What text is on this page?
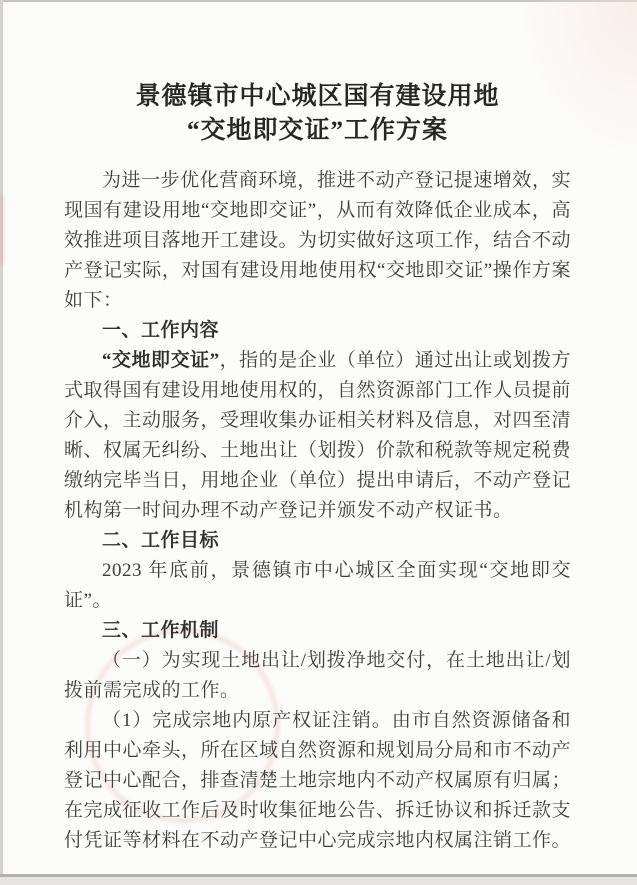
景德镇市中心城区国有建设用地
“交地即交证”工作方案

为进一步优化营商环境，推进不动产登记提速增效，实现国有建设用地“交地即交证”，从而有效降低企业成本，高效推进项目落地开工建设。为切实做好这项工作，结合不动产登记实际，对国有建设用地使用权“交地即交证”操作方案如下：

一、工作内容

“交地即交证”，指的是企业（单位）通过出让或划拨方式取得国有建设用地使用权的，自然资源部门工作人员提前介入，主动服务，受理收集办证相关材料及信息，对四至清晰、权属无纠纷、土地出让（划拨）价款和税款等规定税费缴纳完毕当日，用地企业（单位）提出申请后，不动产登记机构第一时间办理不动产登记并颁发不动产权证书。

二、工作目标

2023 年底前，景德镇市中心城区全面实现“交地即交证”。

三、工作机制

（一）为实现土地出让/划拨净地交付，在土地出让/划拨前需完成的工作。

（1）完成宗地内原产权证注销。由市自然资源储备和利用中心牵头，所在区域自然资源和规划局分局和市不动产登记中心配合，排查清楚土地宗地内不动产权属原有归属；在完成征收工作后及时收集征地公告、拆迁协议和拆迁款支付凭证等材料在不动产登记中心完成宗地内权属注销工作。
